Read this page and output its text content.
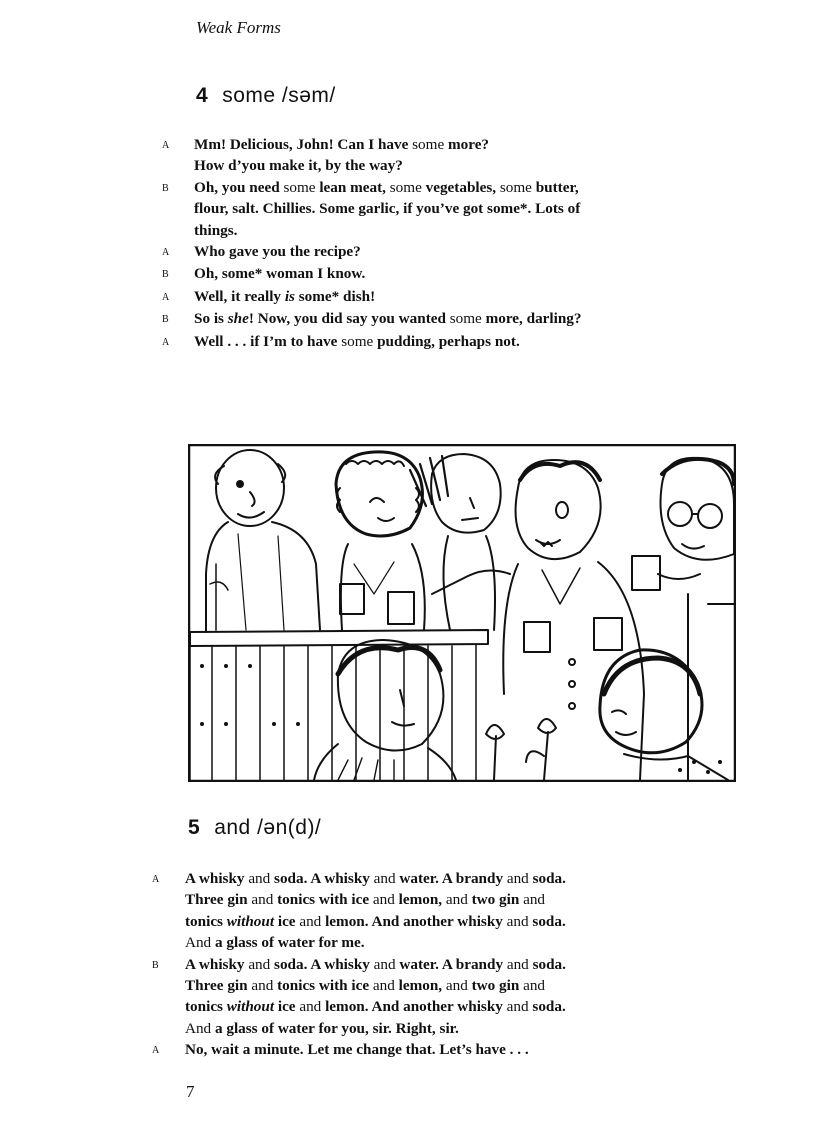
Weak Forms
4 some /səm/
A	Mm! Delicious, John! Can I have some more?
How d’you make it, by the way?
B	Oh, you need some lean meat, some vegetables, some butter,
flour, salt. Chillies. Some garlic, if you’ve got some*. Lots of
things.
A	Who gave you the recipe?
B	Oh, some* woman I know.
A	Well, it really is some* dish!
B	So is she! Now, you did say you wanted some more, darling?
A	Well . . . if I’m to have some pudding, perhaps not.
5 and /ən(d)/
A	A whisky and soda. A whisky and water. A brandy and soda.
Three gin and tonics with ice and lemon, and two gin and
tonics without ice and lemon. And another whisky and soda.
And a glass of water for me.
B	A whisky and soda. A whisky and water. A brandy and soda.
Three gin and tonics with ice and lemon, and two gin and
tonics without ice and lemon. And another whisky and soda.
And a glass of water for you, sir. Right, sir.
A	No, wait a minute. Let me change that. Let’s have . . .
7
